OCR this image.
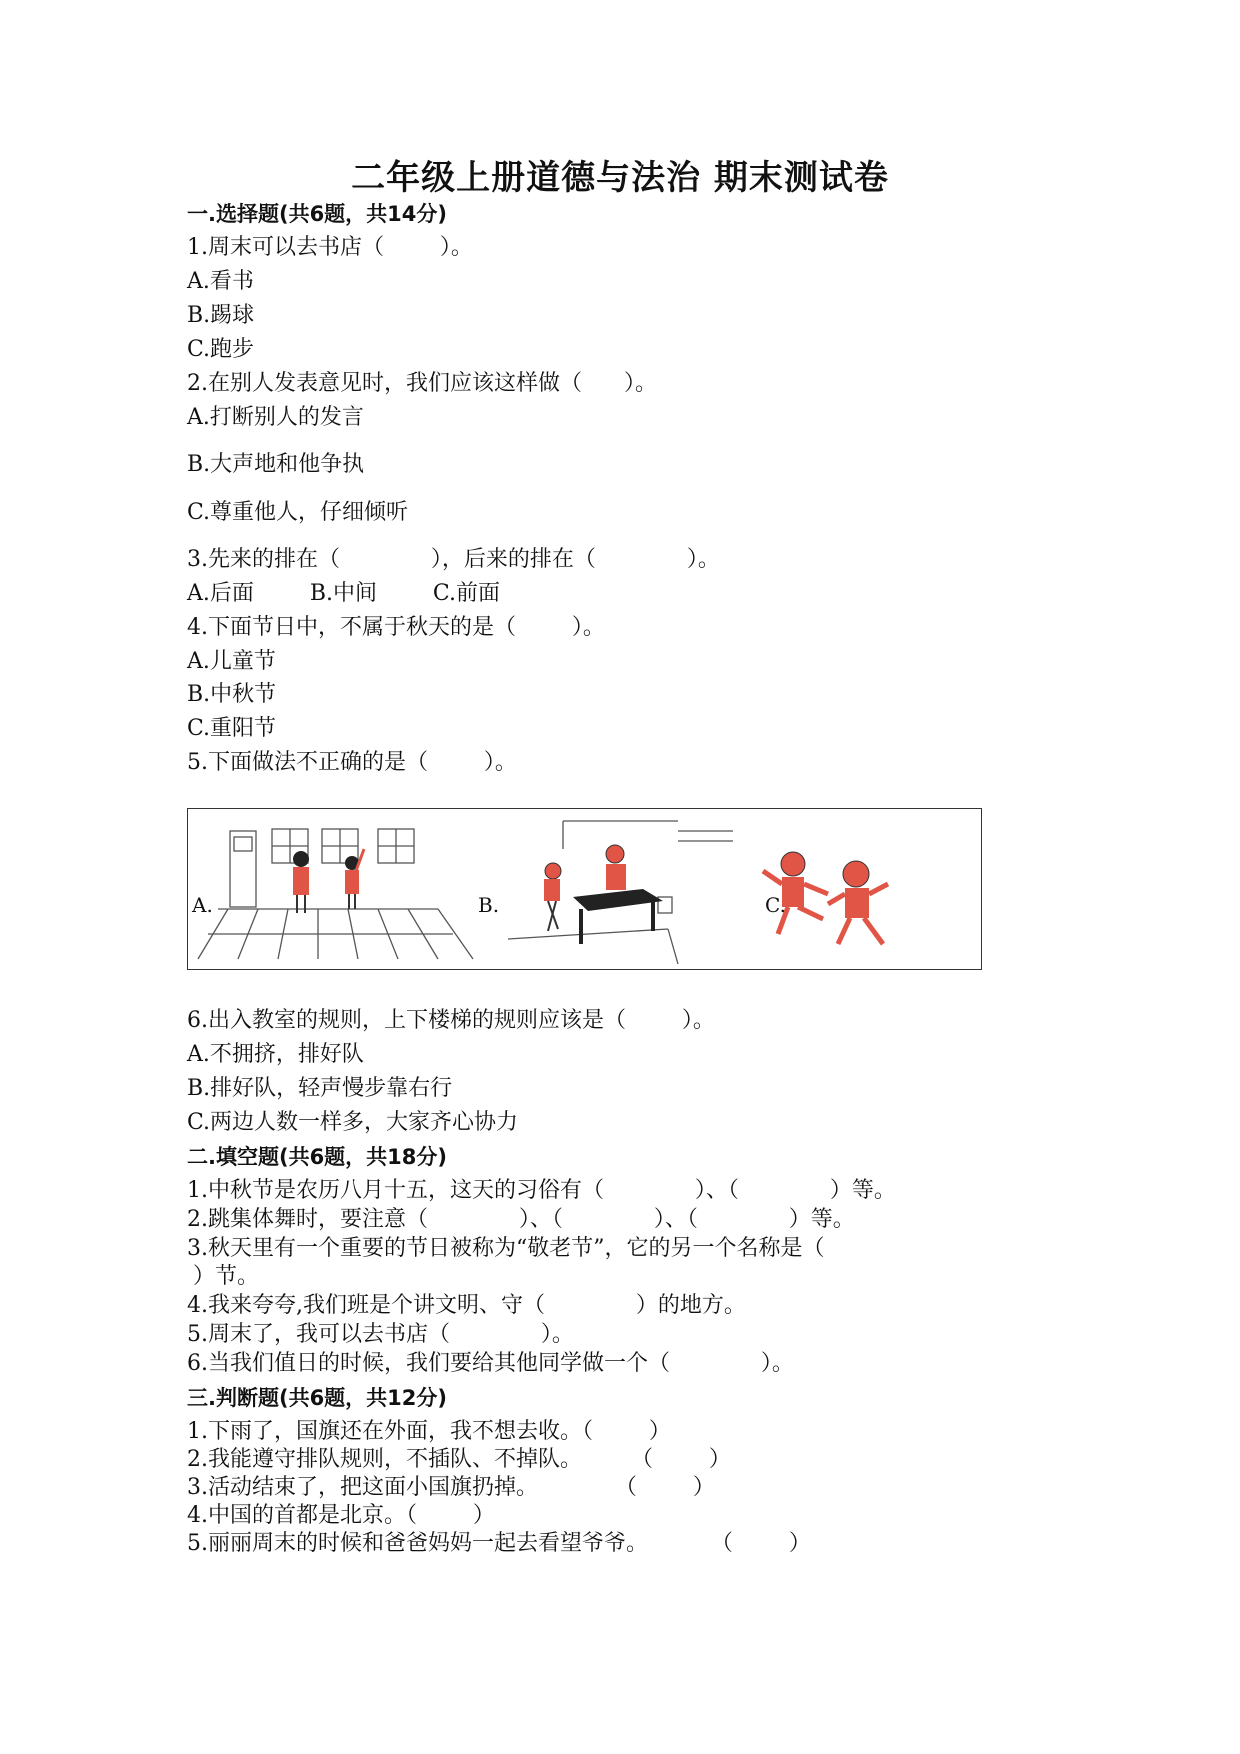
二年级上册道德与法治 期末测试卷
一.选择题(共6题，共14分)
1.周末可以去书店（        ）。
A.看书
B.踢球
C.跑步
2.在别人发表意见时，我们应该这样做（      ）。
A.打断别人的发言
B.大声地和他争执
C.尊重他人，仔细倾听
3.先来的排在（             ），后来的排在（             ）。
A.后面        B.中间        C.前面
4.下面节日中，不属于秋天的是（        ）。
A.儿童节
B.中秋节
C.重阳节
5.下面做法不正确的是（        ）。
A.	B.	C.
6.出入教室的规则，上下楼梯的规则应该是（        ）。
A.不拥挤，排好队
B.排好队，轻声慢步靠右行
C.两边人数一样多，大家齐心协力
二.填空题(共6题，共18分)
1.中秋节是农历八月十五，这天的习俗有（             ）、（             ）等。
2.跳集体舞时，要注意（             ）、（             ）、（             ）等。
3.秋天里有一个重要的节日被称为“敬老节”，它的另一个名称是（
）节。
4.我来夸夸,我们班是个讲文明、守（             ）的地方。
5.周末了，我可以去书店（             ）。
6.当我们值日的时候，我们要给其他同学做一个（             ）。
三.判断题(共6题，共12分)
1.下雨了，国旗还在外面，我不想去收。（        ）
2.我能遵守排队规则，不插队、不掉队。       （        ）
3.活动结束了，把这面小国旗扔掉。           （        ）
4.中国的首都是北京。（        ）
5.丽丽周末的时候和爸爸妈妈一起去看望爷爷。         （        ）
